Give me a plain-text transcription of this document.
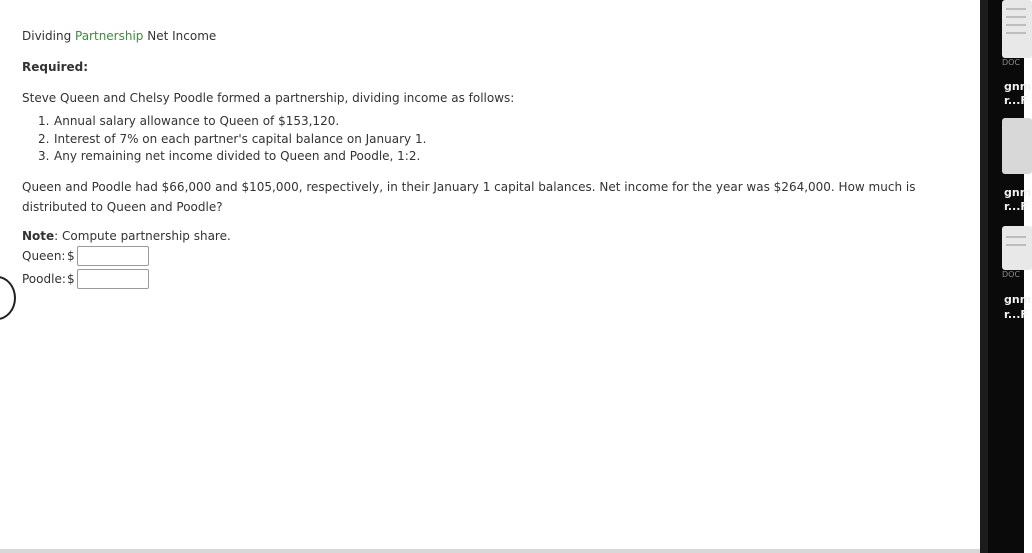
Dividing Partnership Net Income
Required:
Steve Queen and Chelsy Poodle formed a partnership, dividing income as follows:
1. Annual salary allowance to Queen of $153,120.
2. Interest of 7% on each partner's capital balance on January 1.
3. Any remaining net income divided to Queen and Poodle, 1:2.
Queen and Poodle had $66,000 and $105,000, respectively, in their January 1 capital balances. Net income for the year was $264,000. How much is distributed to Queen and Poodle?
Note: Compute partnership share.
Queen: $
Poodle: $
DOC
gnm
r...F
gnm
r...F
DOC
gnm
r...F
